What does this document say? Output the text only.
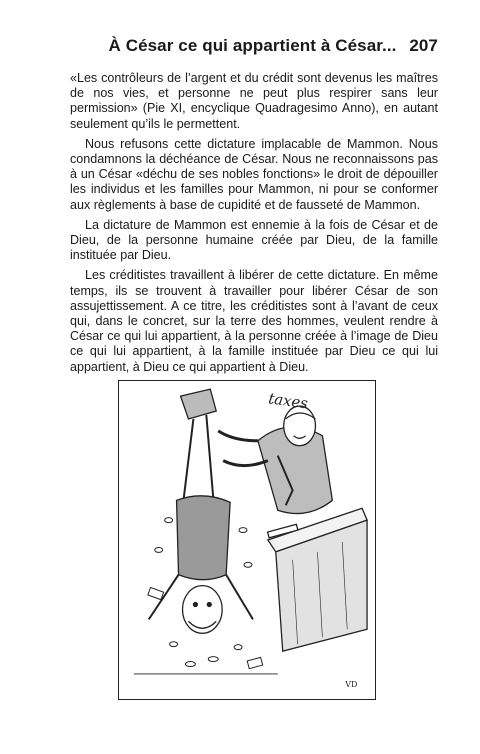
À César ce qui appartient à César... 207

«Les contrôleurs de l’argent et du crédit sont devenus les maîtres de nos vies, et personne ne peut plus respirer sans leur permission» (Pie XI, encyclique Quadragesimo Anno), en autant seulement qu’ils le permettent.

Nous refusons cette dictature implacable de Mammon. Nous condamnons la déchéance de César. Nous ne reconnaissons pas à un César «déchu de ses nobles fonctions» le droit de dépouiller les individus et les familles pour Mammon, ni pour se conformer aux règlements à base de cupidité et de fausseté de Mammon.

La dictature de Mammon est ennemie à la fois de César et de Dieu, de la personne humaine créée par Dieu, de la famille instituée par Dieu.

Les créditistes travaillent à libérer de cette dictature. En même temps, ils se trouvent à travailler pour libérer César de son assujettissement. A ce titre, les créditistes sont à l’avant de ceux qui, dans le concret, sur la terre des hommes, veulent rendre à César ce qui lui appartient, à la personne créée à l’image de Dieu ce qui lui appartient, à la famille instituée par Dieu ce qui lui appartient, à Dieu ce qui appartient à Dieu.

taxes
VD
